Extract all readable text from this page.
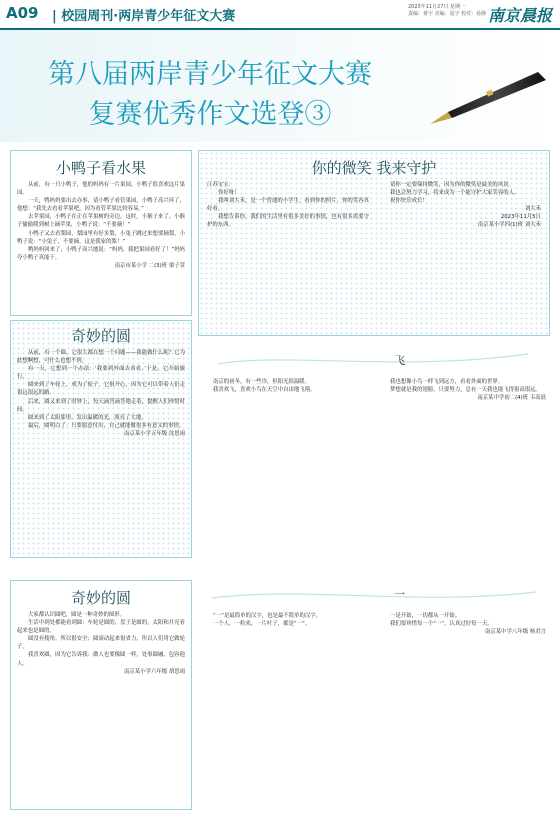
A09 | 校园周刊·两岸青少年征文大赛
2023年11月27日 星期一
责编：黄宇 美编：夏宇 校对：孙静 南京晨报
第八届两岸青少年征文大赛
复赛优秀作文选登③
小鸭子看水果

从前，有一只小鸭子，他的妈妈有一片果园，小鸭子很喜欢这片果园。

一天，鸭妈妈要出去办事，请小鸭子看管果园，小鸭子高兴坏了，他想：“我先去看看苹果吧，因为看管苹果比较容易。”

去苹果园，小鸭子在正在苹果树的旁边，这时，小猴子来了。小猴子偷偷爬到树上摘苹果，小鸭子说：“不要摘！”

小鸭子又去看梨园，梨园里有好多梨，小兔子跳过来想要摘梨，小鸭子说：“小兔子，不要摘，这是我家的梨！”

鸭妈妈回来了，小鸭子高兴地说：“妈妈，我把果园看好了！”妈妈夸小鸭子真能干。

南京市某小学 二(3)班 栗子萱

奇妙的圆

从前，有一个圆，它很大都在想一个问题——我能做什么呢？它为此想啊想，可什么也想不到。

有一天，它想到一个办法：‘我要到外面去看看。’于是，它开始旅行。

圆来到了车轮上，成为了轮子，它很开心，因为它可以带着人们走很远很远的路。

后来，圆又来到了时钟上，每天滴答滴答地走着，提醒人们珍惜时间。

圆来到了太阳那里，发出温暖的光，照亮了大地。

最后，圆明白了：只要愿意付出，自己就能做很多有意义的事情。

南京某小学五年级 沈思雨

奇妙的圆

大家都认识圆吧，圆是一种奇妙的图形。

生活中到处都能看到圆：车轮是圆的，盘子是圆的，太阳和月亮看起来也是圆的。

圆没有棱角，所以很安全；圆滚动起来很省力，所以人们用它做轮子。

我喜欢圆，因为它告诉我：做人也要像圆一样，处事圆融，包容他人。

南京某小学六年级 胡思雨

你的微笑 我来守护

江苏宝宝：

你好呀！

我叫刘大禾，是一个普通的小学生。看到你的照片，你的笑容真好看。

我想告诉你，我们的生活里有很多美好的事情，也有很多需要守护的东西。

请你一定要保持微笑，因为你的微笑是最美的风景。

我也会努力学习，将来成为一个能守护大家笑容的人。

祝你快乐成长！

刘大禾

2023年11月5日

南京某小学四(1)班 刘大禾

飞

南京的初冬，有一些冷，但阳光很温暖。

我喜欢飞，喜欢小鸟在天空中自由地飞翔。

我也想像小鸟一样飞到远方，看看外面的世界。

梦想就是我的翅膀，只要努力，总有一天我也能飞得很高很远。

南京某中学初二(4)班 韦高晨

一

“一”是最简单的汉字，也是最不简单的汉字。

一个人，一粒米，一片叶子，都是“一”。

一是开始，一切都从一开始。

我们要珍惜每一个“一”，认真过好每一天。

南京某中学八年级 杨君言
